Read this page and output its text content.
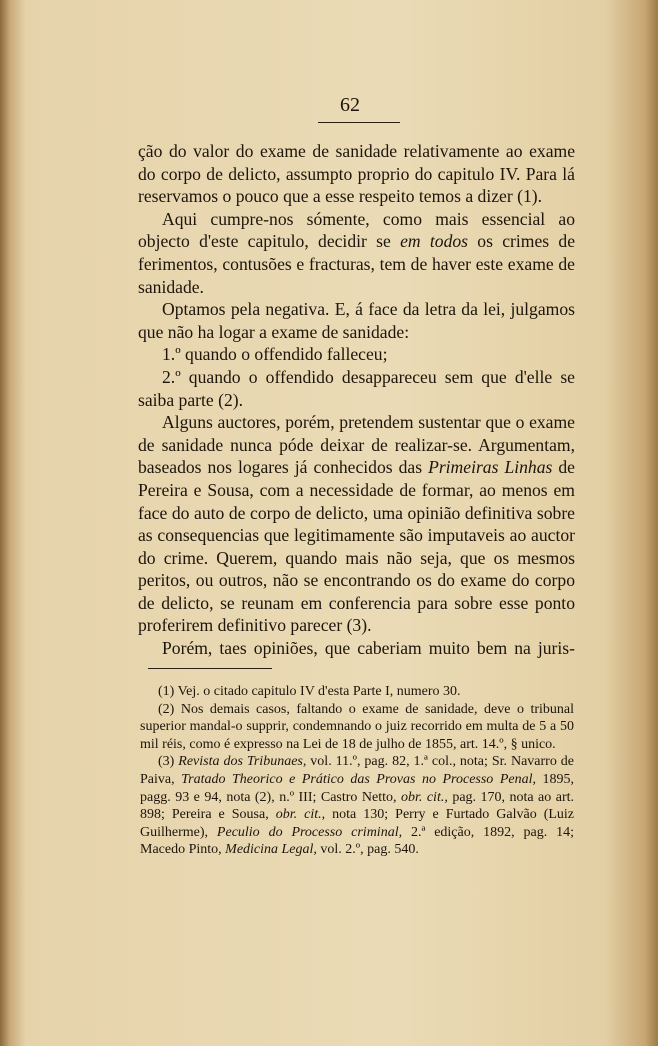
62

ção do valor do exame de sanidade relativamente ao exame do corpo de delicto, assumpto proprio do capitulo IV. Para lá reservamos o pouco que a esse respeito temos a dizer (1).

Aqui cumpre-nos sómente, como mais essencial ao objecto d'este capitulo, decidir se em todos os crimes de ferimentos, contusões e fracturas, tem de haver este exame de sanidade.

Optamos pela negativa. E, á face da letra da lei, julgamos que não ha logar a exame de sanidade:

1.º quando o offendido falleceu;

2.º quando o offendido desappareceu sem que d'elle se saiba parte (2).

Alguns auctores, porém, pretendem sustentar que o exame de sanidade nunca póde deixar de realizar-se. Argumentam, baseados nos logares já conhecidos das Primeiras Linhas de Pereira e Sousa, com a necessidade de formar, ao menos em face do auto de corpo de delicto, uma opinião definitiva sobre as consequencias que legitimamente são imputaveis ao auctor do crime. Querem, quando mais não seja, que os mesmos peritos, ou outros, não se encontrando os do exame do corpo de delicto, se reunam em conferencia para sobre esse ponto proferirem definitivo parecer (3).

Porém, taes opiniões, que caberiam muito bem na juris-

(1) Vej. o citado capitulo IV d'esta Parte I, numero 30.

(2) Nos demais casos, faltando o exame de sanidade, deve o tribunal superior mandal-o supprir, condemnando o juiz recorrido em multa de 5 a 50 mil réis, como é expresso na Lei de 18 de julho de 1855, art. 14.º, § unico.

(3) Revista dos Tribunaes, vol. 11.º, pag. 82, 1.ª col., nota; Sr. Navarro de Paiva, Tratado Theorico e Prático das Provas no Processo Penal, 1895, pagg. 93 e 94, nota (2), n.º III; Castro Netto, obr. cit., pag. 170, nota ao art. 898; Pereira e Sousa, obr. cit., nota 130; Perry e Furtado Galvão (Luiz Guilherme), Peculio do Processo criminal, 2.ª edição, 1892, pag. 14; Macedo Pinto, Medicina Legal, vol. 2.º, pag. 540.
